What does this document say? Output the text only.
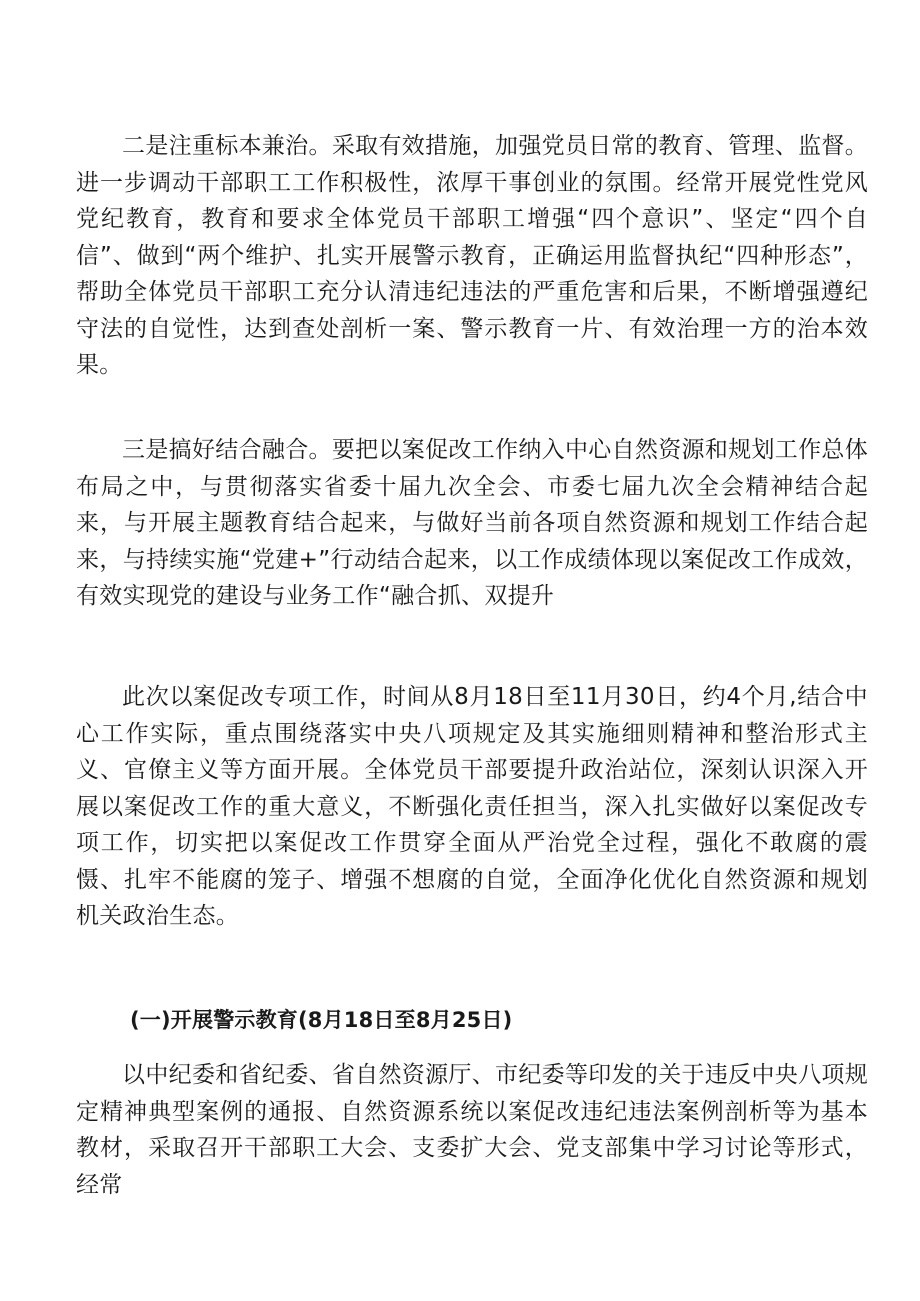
二是注重标本兼治。采取有效措施，加强党员日常的教育、管理、监督。进一步调动干部职工工作积极性，浓厚干事创业的氛围。经常开展党性党风党纪教育，教育和要求全体党员干部职工增强“四个意识”、坚定“四个自信”、做到“两个维护、扎实开展警示教育，正确运用监督执纪“四种形态”，帮助全体党员干部职工充分认清违纪违法的严重危害和后果，不断增强遵纪守法的自觉性，达到查处剖析一案、警示教育一片、有效治理一方的治本效果。

三是搞好结合融合。要把以案促改工作纳入中心自然资源和规划工作总体布局之中，与贯彻落实省委十届九次全会、市委七届九次全会精神结合起来，与开展主题教育结合起来，与做好当前各项自然资源和规划工作结合起来，与持续实施“党建+”行动结合起来，以工作成绩体现以案促改工作成效，有效实现党的建设与业务工作“融合抓、双提升

此次以案促改专项工作，时间从8月18日至11月30日，约4个月,结合中心工作实际，重点围绕落实中央八项规定及其实施细则精神和整治形式主义、官僚主义等方面开展。全体党员干部要提升政治站位，深刻认识深入开展以案促改工作的重大意义，不断强化责任担当，深入扎实做好以案促改专项工作，切实把以案促改工作贯穿全面从严治党全过程，强化不敢腐的震慑、扎牢不能腐的笼子、增强不想腐的自觉，全面净化优化自然资源和规划机关政治生态。

(一)开展警示教育(8月18日至8月25日)

以中纪委和省纪委、省自然资源厅、市纪委等印发的关于违反中央八项规定精神典型案例的通报、自然资源系统以案促改违纪违法案例剖析等为基本教材，采取召开干部职工大会、支委扩大会、党支部集中学习讨论等形式，经常
